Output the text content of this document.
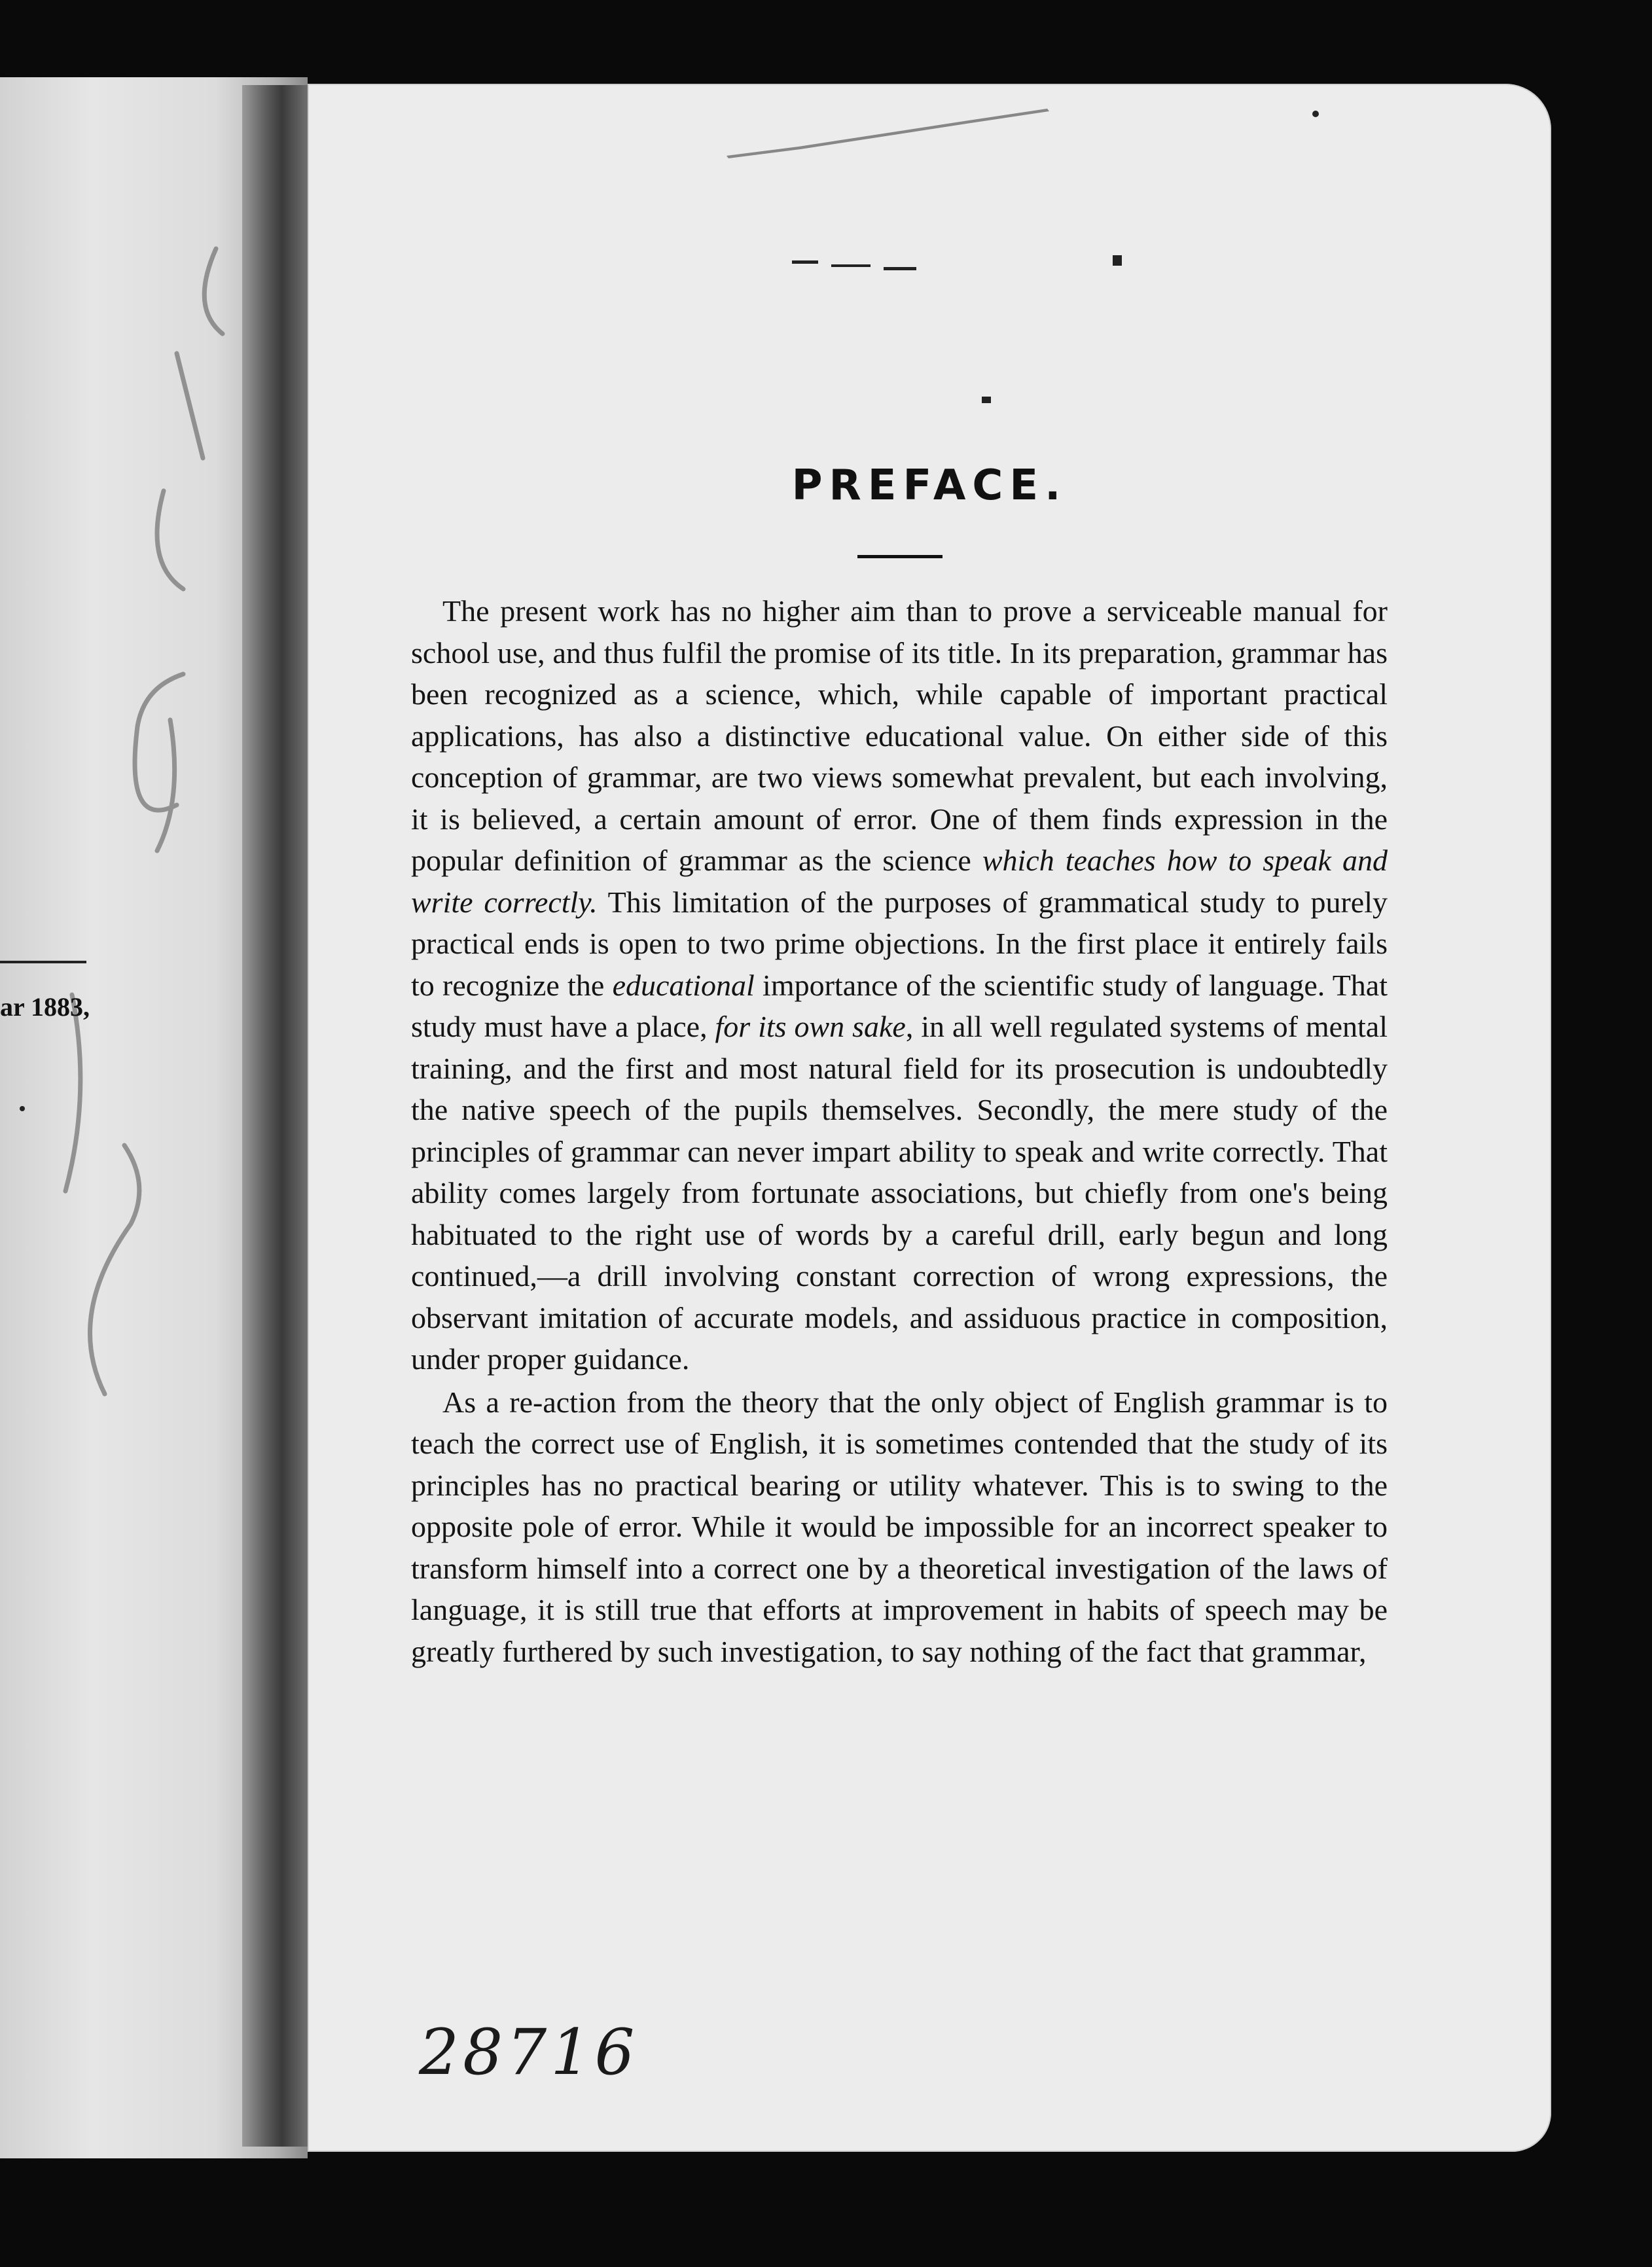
ar 1883,
PREFACE.

The present work has no higher aim than to prove a serviceable manual for school use, and thus fulfil the promise of its title. In its preparation, grammar has been recognized as a science, which, while capable of important practical applications, has also a distinctive educational value. On either side of this conception of grammar, are two views somewhat prevalent, but each involving, it is believed, a certain amount of error. One of them finds expression in the popular definition of grammar as the science which teaches how to speak and write correctly. This limitation of the purposes of grammatical study to purely practical ends is open to two prime objections. In the first place it entirely fails to recognize the educational importance of the scientific study of language. That study must have a place, for its own sake, in all well regulated systems of mental training, and the first and most natural field for its prosecution is undoubtedly the native speech of the pupils themselves. Secondly, the mere study of the principles of grammar can never impart ability to speak and write correctly. That ability comes largely from fortunate associations, but chiefly from one's being habituated to the right use of words by a careful drill, early begun and long continued,—a drill involving constant correction of wrong expressions, the observant imitation of accurate models, and assiduous practice in composition, under proper guidance.

As a re-action from the theory that the only object of English grammar is to teach the correct use of English, it is sometimes contended that the study of its principles has no practical bearing or utility whatever. This is to swing to the opposite pole of error. While it would be impossible for an incorrect speaker to transform himself into a correct one by a theoretical investigation of the laws of language, it is still true that efforts at improvement in habits of speech may be greatly furthered by such investigation, to say nothing of the fact that grammar,

28716
